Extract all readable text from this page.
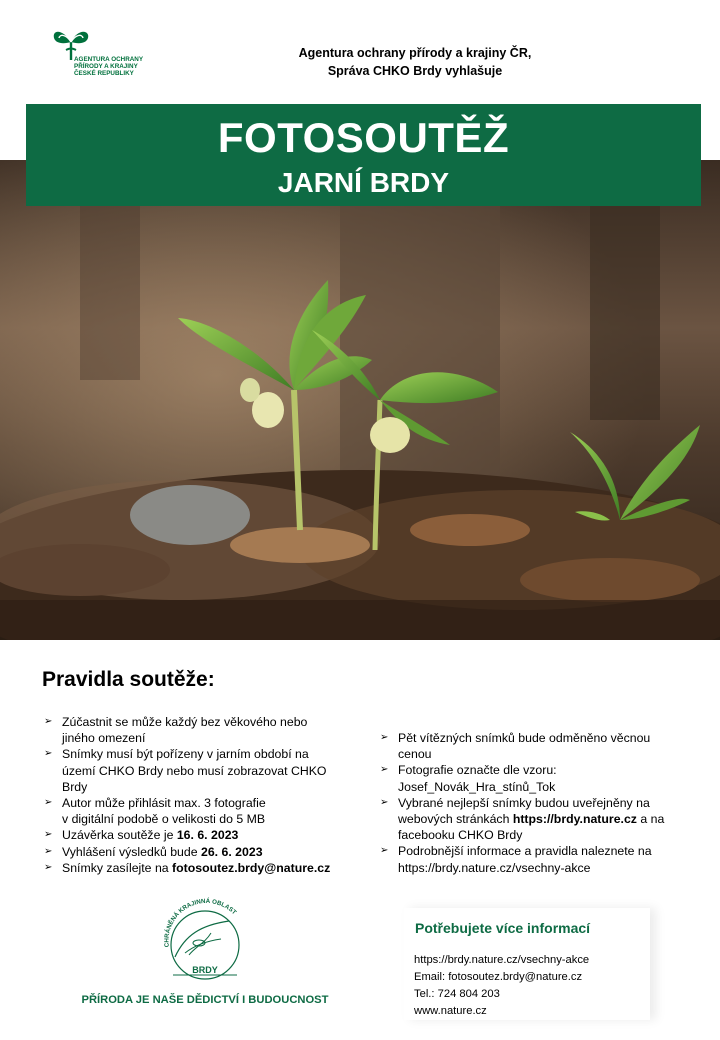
AGENTURA OCHRANY
PŘÍRODY A KRAJINY
ČESKÉ REPUBLIKY
Agentura ochrany přírody a krajiny ČR,
Správa CHKO Brdy vyhlašuje
FOTOSOUTĚŽ
JARNÍ BRDY
Pravidla soutěže:
➢ Zúčastnit se může každý bez věkového nebo
jiného omezení
➢ Snímky musí být pořízeny v jarním období na
území CHKO Brdy nebo musí zobrazovat CHKO
Brdy
➢ Autor může přihlásit max. 3 fotografie
v digitální podobě o velikosti do 5 MB
➢ Uzávěrka soutěže je 16. 6. 2023
➢ Vyhlášení výsledků bude 26. 6. 2023
➢ Snímky zasílejte na fotosoutez.brdy@nature.cz
➢ Pět vítězných snímků bude odměněno věcnou
cenou
➢ Fotografie označte dle vzoru:
Josef_Novák_Hra_stínů_Tok
➢ Vybrané nejlepší snímky budou uveřejněny na
webových stránkách https://brdy.nature.cz a na
facebooku CHKO Brdy
➢ Podrobnější informace a pravidla naleznete na
https://brdy.nature.cz/vsechny-akce
CHRÁNĚNÁ KRAJINNÁ OBLAST
BRDY
PŘÍRODA JE NAŠE DĚDICTVÍ I BUDOUCNOST
Potřebujete více informací
https://brdy.nature.cz/vsechny-akce
Email: fotosoutez.brdy@nature.cz
Tel.: 724 804 203
www.nature.cz
